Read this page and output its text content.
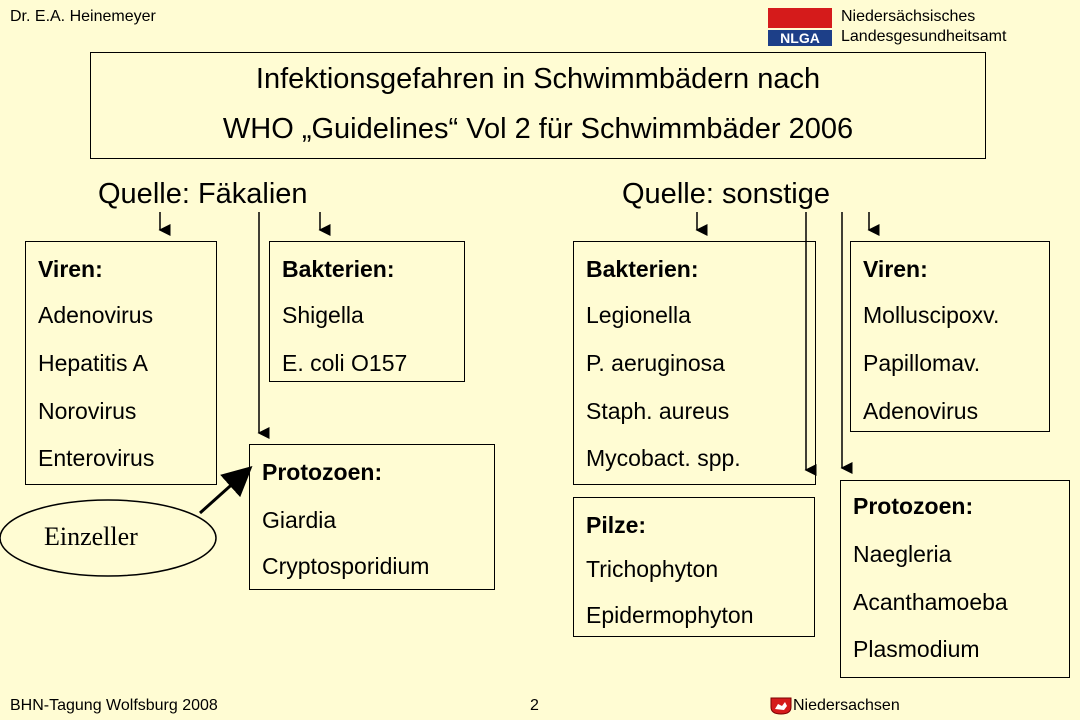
Dr. E.A. Heinemeyer
NLGA
Niedersächsisches
Landesgesundheitsamt
Infektionsgefahren in Schwimmbädern nach
WHO „Guidelines“ Vol 2 für Schwimmbäder 2006
Quelle: Fäkalien	Quelle: sonstige
Einzeller
Viren:
Adenovirus
Hepatitis A
Norovirus
Enterovirus
Bakterien:
Shigella
E. coli O157
Protozoen:
Giardia
Cryptosporidium
Bakterien:
Legionella
P. aeruginosa
Staph. aureus
Mycobact. spp.
Viren:
Molluscipoxv.
Papillomav.
Adenovirus
Pilze:
Trichophyton
Epidermophyton
Protozoen:
Naegleria
Acanthamoeba
Plasmodium
BHN-Tagung Wolfsburg 2008	2	Niedersachsen
